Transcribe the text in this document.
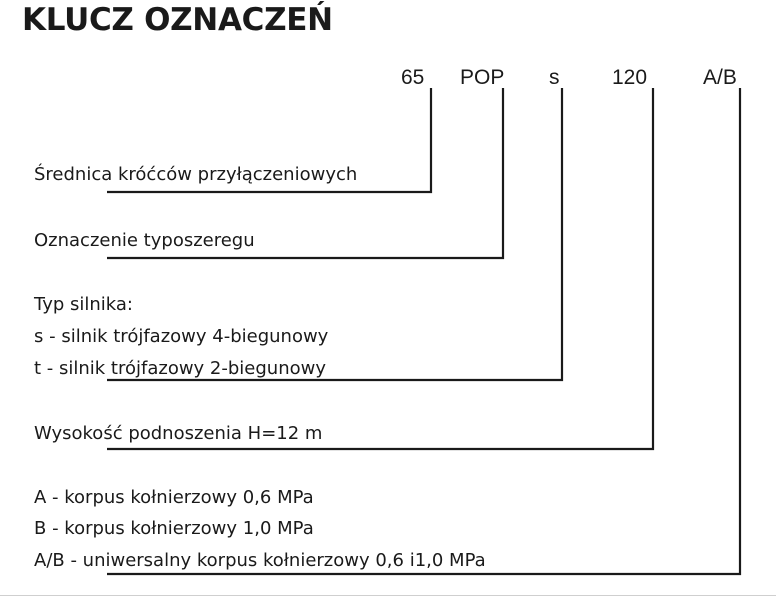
KLUCZ OZNACZEŃ
65 POP s	120	A/B
Średnica króćców przyłączeniowych
Oznaczenie typoszeregu
Typ silnika:
s - silnik trójfazowy 4-biegunowy
t - silnik trójfazowy 2-biegunowy
Wysokość podnoszenia H=12 m
A - korpus kołnierzowy 0,6 MPa
B - korpus kołnierzowy 1,0 MPa
A/B - uniwersalny korpus kołnierzowy 0,6 i1,0 MPa
